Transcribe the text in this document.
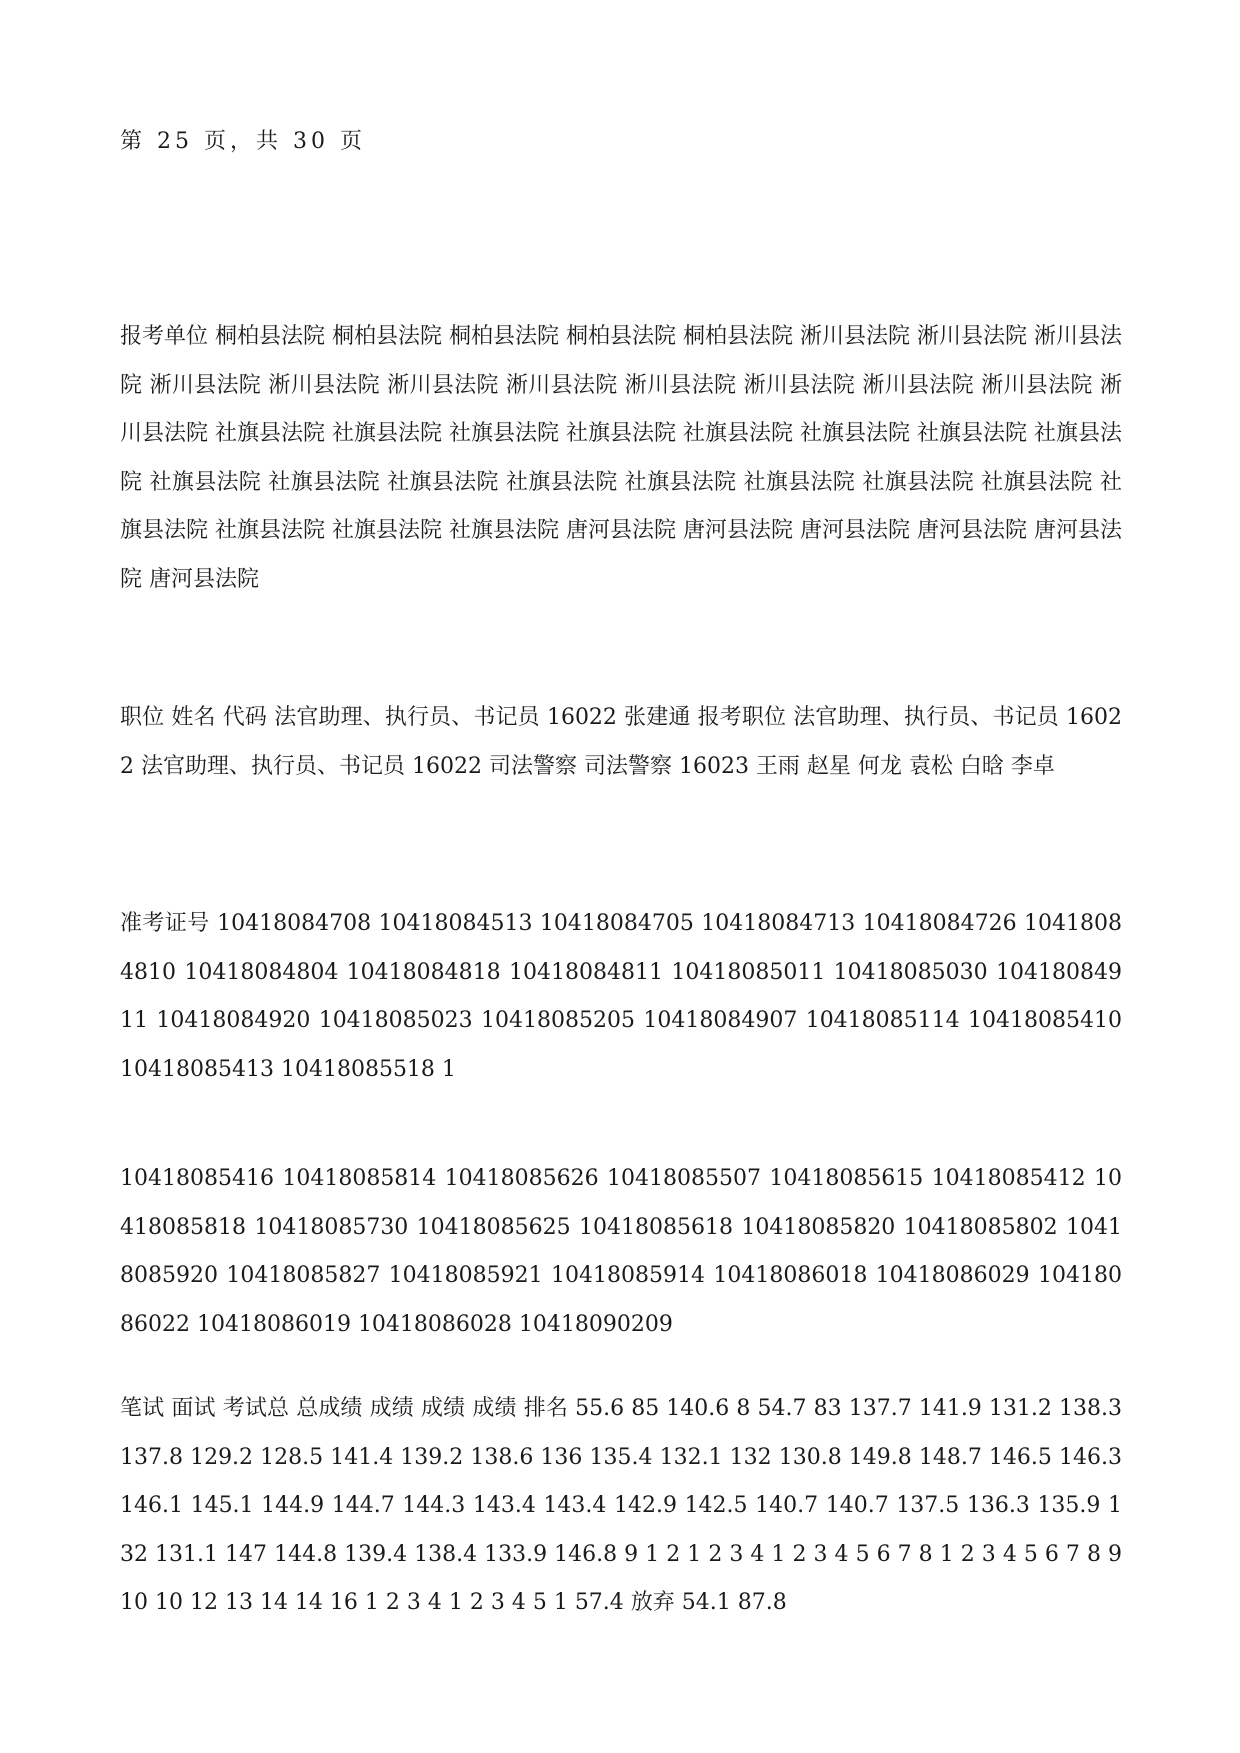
第 25 页，共 30 页
报考单位 桐柏县法院 桐柏县法院 桐柏县法院 桐柏县法院 桐柏县法院 淅川县法院 淅川县法院 淅川县法院 淅川县法院 淅川县法院 淅川县法院 淅川县法院 淅川县法院 淅川县法院 淅川县法院 淅川县法院 淅川县法院 社旗县法院 社旗县法院 社旗县法院 社旗县法院 社旗县法院 社旗县法院 社旗县法院 社旗县法院 社旗县法院 社旗县法院 社旗县法院 社旗县法院 社旗县法院 社旗县法院 社旗县法院 社旗县法院 社旗县法院 社旗县法院 社旗县法院 社旗县法院 唐河县法院 唐河县法院 唐河县法院 唐河县法院 唐河县法院 唐河县法院
职位 姓名 代码 法官助理、执行员、书记员 16022 张建通 报考职位 法官助理、执行员、书记员 16022 法官助理、执行员、书记员 16022 司法警察 司法警察 16023 王雨 赵星 何龙 袁松 白晗 李卓
准考证号 10418084708 10418084513 10418084705 10418084713 10418084726 10418084810 10418084804 10418084818 10418084811 10418085011 10418085030 10418084911 10418084920 10418085023 10418085205 10418084907 10418085114 10418085410 10418085413 10418085518 1
10418085416 10418085814 10418085626 10418085507 10418085615 10418085412 10418085818 10418085730 10418085625 10418085618 10418085820 10418085802 10418085920 10418085827 10418085921 10418085914 10418086018 10418086029 10418086022 10418086019 10418086028 10418090209
笔试 面试 考试总 总成绩 成绩 成绩 成绩 排名 55.6 85 140.6 8 54.7 83 137.7 141.9 131.2 138.3 137.8 129.2 128.5 141.4 139.2 138.6 136 135.4 132.1 132 130.8 149.8 148.7 146.5 146.3 146.1 145.1 144.9 144.7 144.3 143.4 143.4 142.9 142.5 140.7 140.7 137.5 136.3 135.9 132 131.1 147 144.8 139.4 138.4 133.9 146.8 9 1 2 1 2 3 4 1 2 3 4 5 6 7 8 1 2 3 4 5 6 7 8 9 10 10 12 13 14 14 16 1 2 3 4 1 2 3 4 5 1 57.4 放弃 54.1 87.8
